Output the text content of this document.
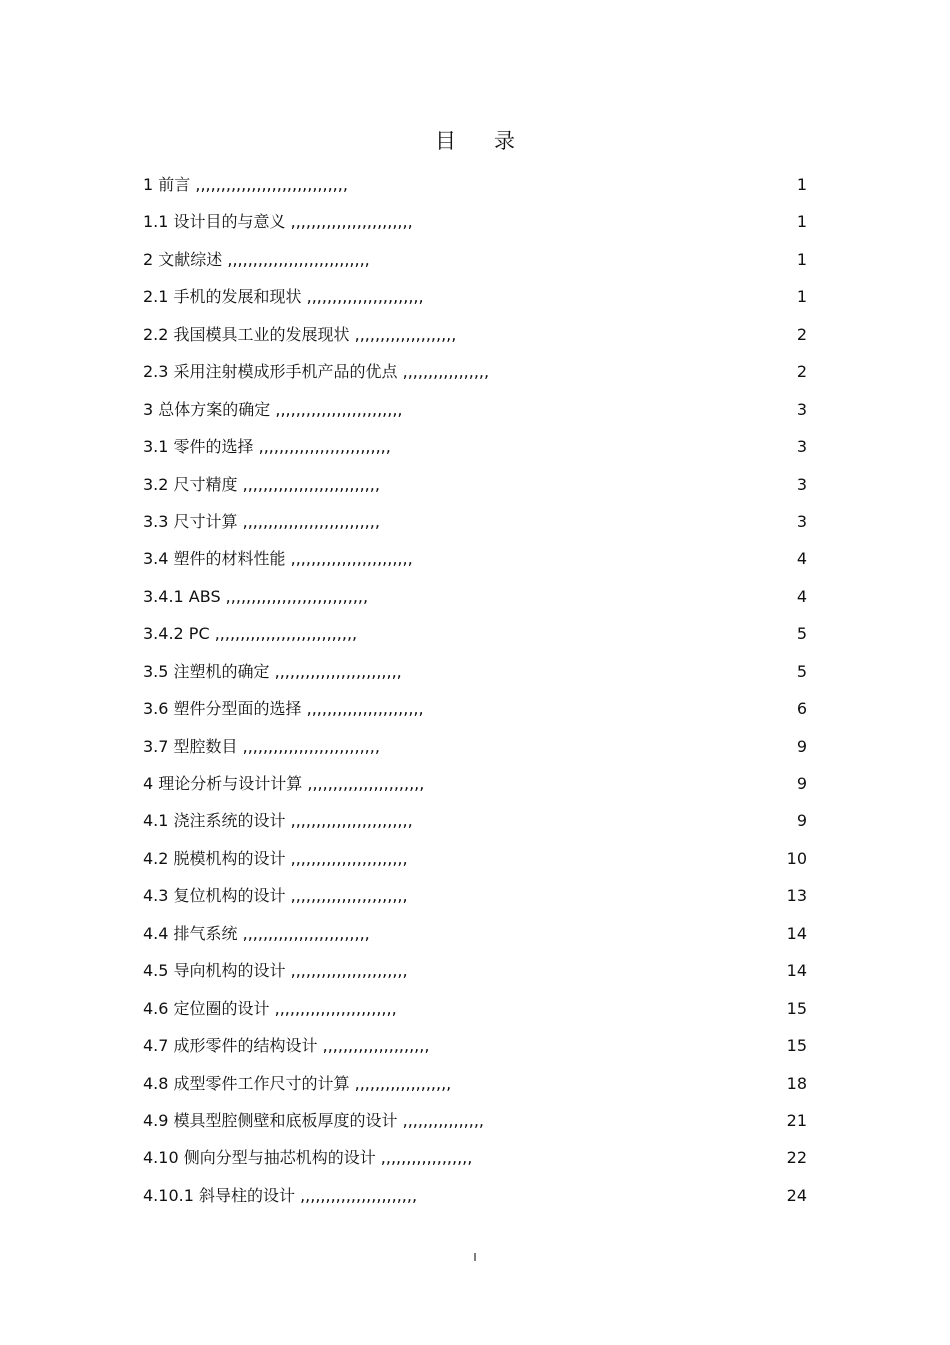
目录
1 前言 ,,,,,,,,,,,,,,,,,,,,,,,,,,,,,,	1
1.1 设计目的与意义 ,,,,,,,,,,,,,,,,,,,,,,,,	1
2 文献综述 ,,,,,,,,,,,,,,,,,,,,,,,,,,,,	1
2.1 手机的发展和现状 ,,,,,,,,,,,,,,,,,,,,,,,	1
2.2 我国模具工业的发展现状 ,,,,,,,,,,,,,,,,,,,,	2
2.3 采用注射模成形手机产品的优点 ,,,,,,,,,,,,,,,,,	2
3 总体方案的确定 ,,,,,,,,,,,,,,,,,,,,,,,,,	3
3.1 零件的选择 ,,,,,,,,,,,,,,,,,,,,,,,,,,	3
3.2 尺寸精度 ,,,,,,,,,,,,,,,,,,,,,,,,,,,	3
3.3 尺寸计算 ,,,,,,,,,,,,,,,,,,,,,,,,,,,	3
3.4 塑件的材料性能 ,,,,,,,,,,,,,,,,,,,,,,,,	4
3.4.1 ABS ,,,,,,,,,,,,,,,,,,,,,,,,,,,,	4
3.4.2 PC ,,,,,,,,,,,,,,,,,,,,,,,,,,,,	5
3.5 注塑机的确定 ,,,,,,,,,,,,,,,,,,,,,,,,,	5
3.6 塑件分型面的选择 ,,,,,,,,,,,,,,,,,,,,,,,	6
3.7 型腔数目 ,,,,,,,,,,,,,,,,,,,,,,,,,,,	9
4 理论分析与设计计算 ,,,,,,,,,,,,,,,,,,,,,,,	9
4.1 浇注系统的设计 ,,,,,,,,,,,,,,,,,,,,,,,,	9
4.2 脱模机构的设计 ,,,,,,,,,,,,,,,,,,,,,,,	10
4.3 复位机构的设计 ,,,,,,,,,,,,,,,,,,,,,,,	13
4.4 排气系统 ,,,,,,,,,,,,,,,,,,,,,,,,,	14
4.5 导向机构的设计 ,,,,,,,,,,,,,,,,,,,,,,,	14
4.6 定位圈的设计 ,,,,,,,,,,,,,,,,,,,,,,,,	15
4.7 成形零件的结构设计 ,,,,,,,,,,,,,,,,,,,,,	15
4.8 成型零件工作尺寸的计算 ,,,,,,,,,,,,,,,,,,,	18
4.9 模具型腔侧壁和底板厚度的设计 ,,,,,,,,,,,,,,,,	21
4.10 侧向分型与抽芯机构的设计 ,,,,,,,,,,,,,,,,,,	22
4.10.1 斜导柱的设计 ,,,,,,,,,,,,,,,,,,,,,,,	24
I
